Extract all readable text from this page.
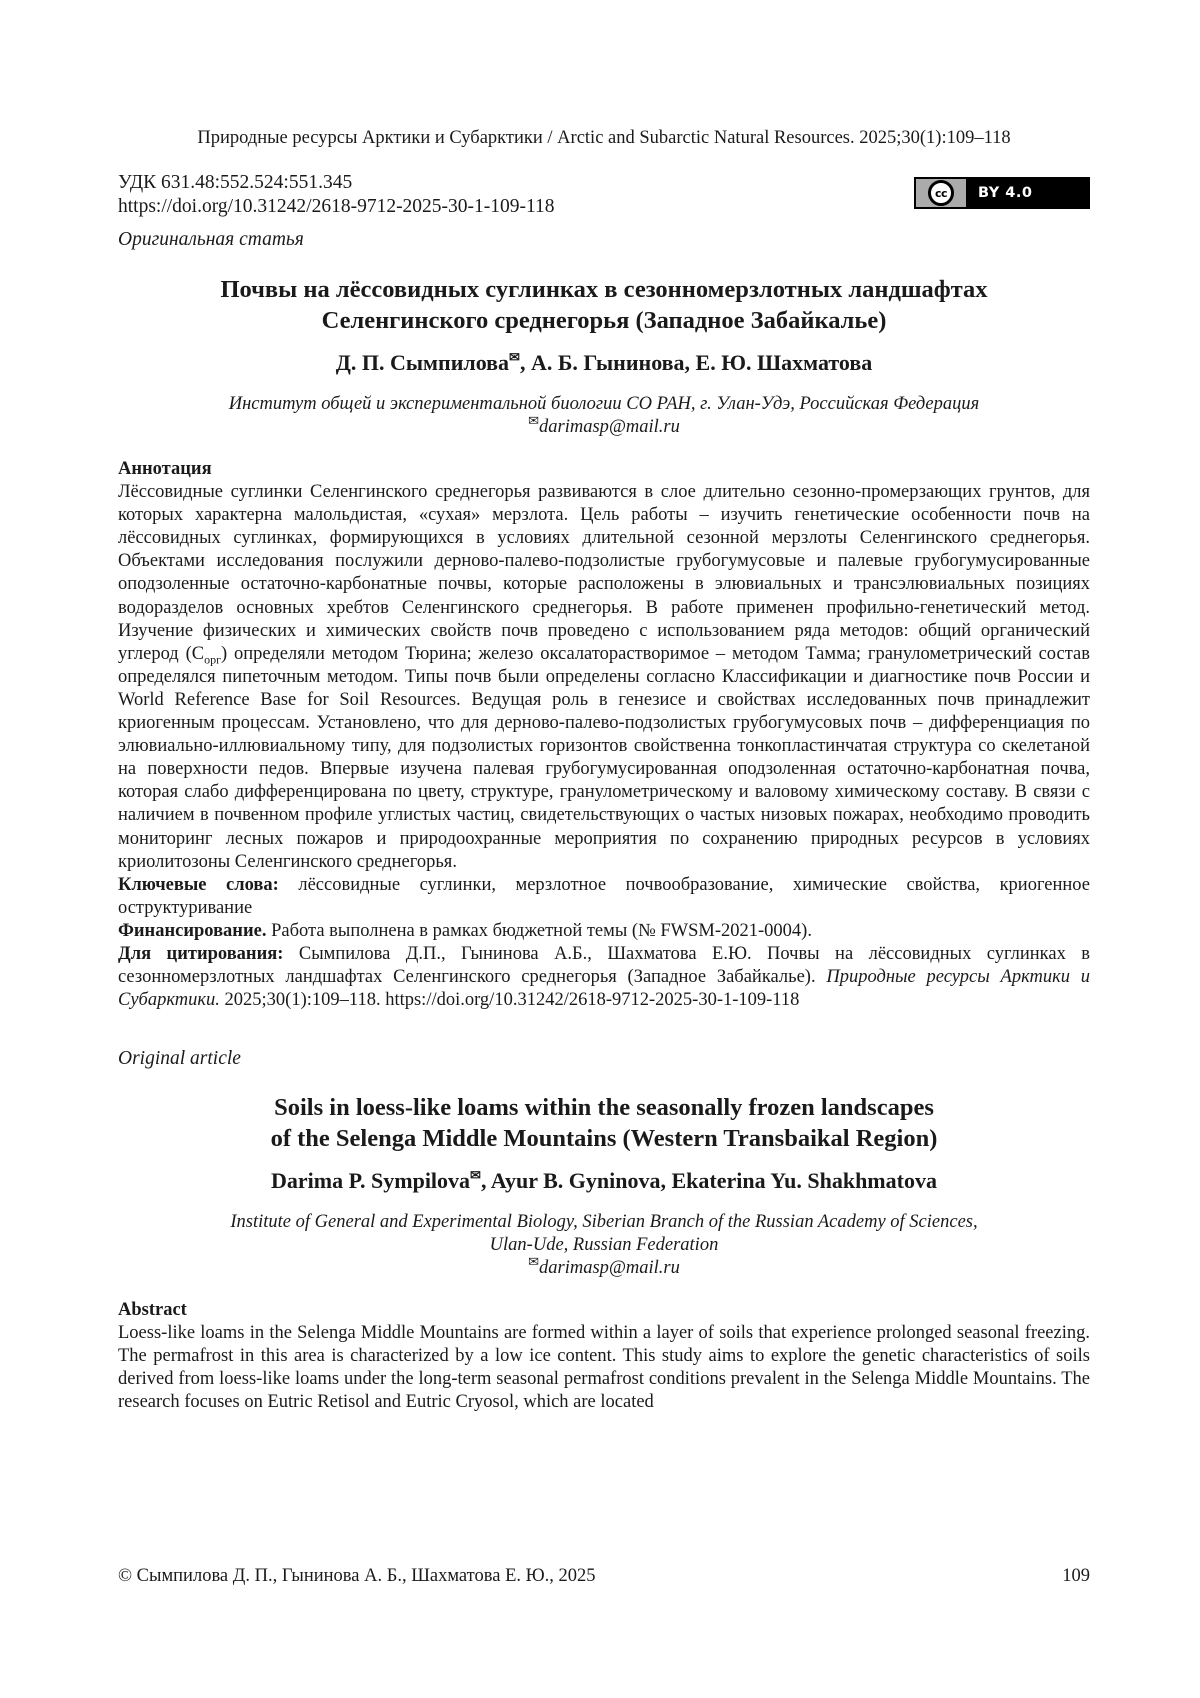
Природные ресурсы Арктики и Субарктики / Arctic and Subarctic Natural Resources. 2025;30(1):109–118
УДК 631.48:552.524:551.345
https://doi.org/10.31242/2618-9712-2025-30-1-109-118
cc	BY 4.0
Оригинальная статья
Почвы на лёссовидных суглинках в сезонномерзлотных ландшафтах
Селенгинского среднегорья (Западное Забайкалье)
Д. П. Сымпилова✉, А. Б. Гынинова, Е. Ю. Шахматова
Институт общей и экспериментальной биологии СО РАН, г. Улан-Удэ, Российская Федерация
✉darimasp@mail.ru

Аннотация

Лёссовидные суглинки Селенгинского среднегорья развиваются в слое длительно сезонно-промерзающих грунтов, для которых характерна малольдистая, «сухая» мерзлота. Цель работы – изучить генетические особенности почв на лёссовидных суглинках, формирующихся в условиях длительной сезонной мерзлоты Селенгинского среднегорья. Объектами исследования послужили дерново-палево-подзолистые грубогумусовые и палевые грубогумусированные оподзоленные остаточно-карбонатные почвы, которые расположены в элювиальных и трансэлювиальных позициях водоразделов основных хребтов Селенгинского среднегорья. В работе применен профильно-генетический метод. Изучение физических и химических свойств почв проведено с использованием ряда методов: общий органический углерод $(C_{орг})$ определяли методом Тюрина; железо оксалаторастворимое – методом Тамма; гранулометрический состав определялся пипеточным методом. Типы почв были определены согласно Классификации и диагностике почв России и World Reference Base for Soil Resources. Ведущая роль в генезисе и свойствах исследованных почв принадлежит криогенным процессам. Установлено, что для дерново-палево-подзолистых грубогумусовых почв – дифференциация по элювиально-иллювиальному типу, для подзолистых горизонтов свойственна тонкопластинчатая структура со скелетаной на поверхности педов. Впервые изучена палевая грубогумусированная оподзоленная остаточно-карбонатная почва, которая слабо дифференцирована по цвету, структуре, гранулометрическому и валовому химическому составу. В связи с наличием в почвенном профиле углистых частиц, свидетельствующих о частых низовых пожарах, необходимо проводить мониторинг лесных пожаров и природоохранные мероприятия по сохранению природных ресурсов в условиях криолитозоны Селенгинского среднегорья.

Ключевые слова: лёссовидные суглинки, мерзлотное почвообразование, химические свойства, криогенное оструктуривание

Финансирование. Работа выполнена в рамках бюджетной темы (№ FWSM-2021-0004).

Для цитирования: Сымпилова Д.П., Гынинова А.Б., Шахматова Е.Ю. Почвы на лёссовидных суглинках в сезонномерзлотных ландшафтах Селенгинского среднегорья (Западное Забайкалье). Природные ресурсы Арктики и Субарктики. 2025;30(1):109–118. https://doi.org/10.31242/2618-9712-2025-30-1-109-118

Original article
Soils in loess-like loams within the seasonally frozen landscapes
of the Selenga Middle Mountains (Western Transbaikal Region)
Darima P. Sympilova✉, Ayur B. Gyninova, Ekaterina Yu. Shakhmatova
Institute of General and Experimental Biology, Siberian Branch of the Russian Academy of Sciences,
Ulan-Ude, Russian Federation
✉darimasp@mail.ru

Abstract

Loess-like loams in the Selenga Middle Mountains are formed within a layer of soils that experience prolonged seasonal freezing. The permafrost in this area is characterized by a low ice content. This study aims to explore the genetic characteristics of soils derived from loess-like loams under the long-term seasonal permafrost conditions prevalent in the Selenga Middle Mountains. The research focuses on Eutric Retisol and Eutric Cryosol, which are located

© Сымпилова Д. П., Гынинова А. Б., Шахматова Е. Ю., 2025	109
